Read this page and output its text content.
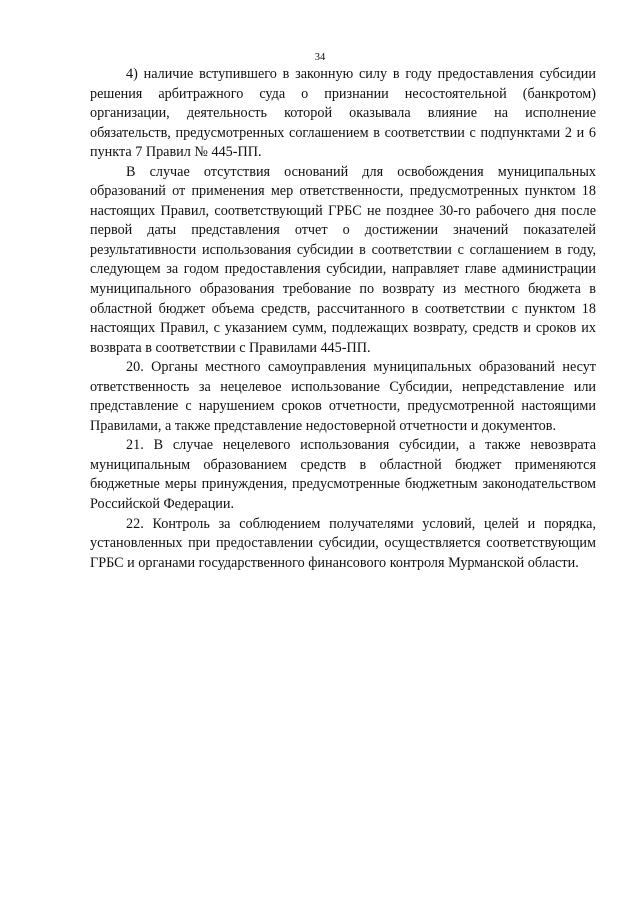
34

4) наличие вступившего в законную силу в году предоставления субсидии решения арбитражного суда о признании несостоятельной (банкротом) организации, деятельность которой оказывала влияние на исполнение обязательств, предусмотренных соглашением в соответствии с подпунктами 2 и 6 пункта 7 Правил № 445-ПП.

В случае отсутствия оснований для освобождения муниципальных образований от применения мер ответственности, предусмотренных пунктом 18 настоящих Правил, соответствующий ГРБС не позднее 30-го рабочего дня после первой даты представления отчет о достижении значений показателей результативности использования субсидии в соответствии с соглашением в году, следующем за годом предоставления субсидии, направляет главе администрации муниципального образования требование по возврату из местного бюджета в областной бюджет объема средств, рассчитанного в соответствии с пунктом 18 настоящих Правил, с указанием сумм, подлежащих возврату, средств и сроков их возврата в соответствии с Правилами 445-ПП.

20. Органы местного самоуправления муниципальных образований несут ответственность за нецелевое использование Субсидии, непредставление или представление с нарушением сроков отчетности, предусмотренной настоящими Правилами, а также представление недостоверной отчетности и документов.

21. В случае нецелевого использования субсидии, а также невозврата муниципальным образованием средств в областной бюджет применяются бюджетные меры принуждения, предусмотренные бюджетным законодательством Российской Федерации.

22. Контроль за соблюдением получателями условий, целей и порядка, установленных при предоставлении субсидии, осуществляется соответствующим ГРБС и органами государственного финансового контроля Мурманской области.
